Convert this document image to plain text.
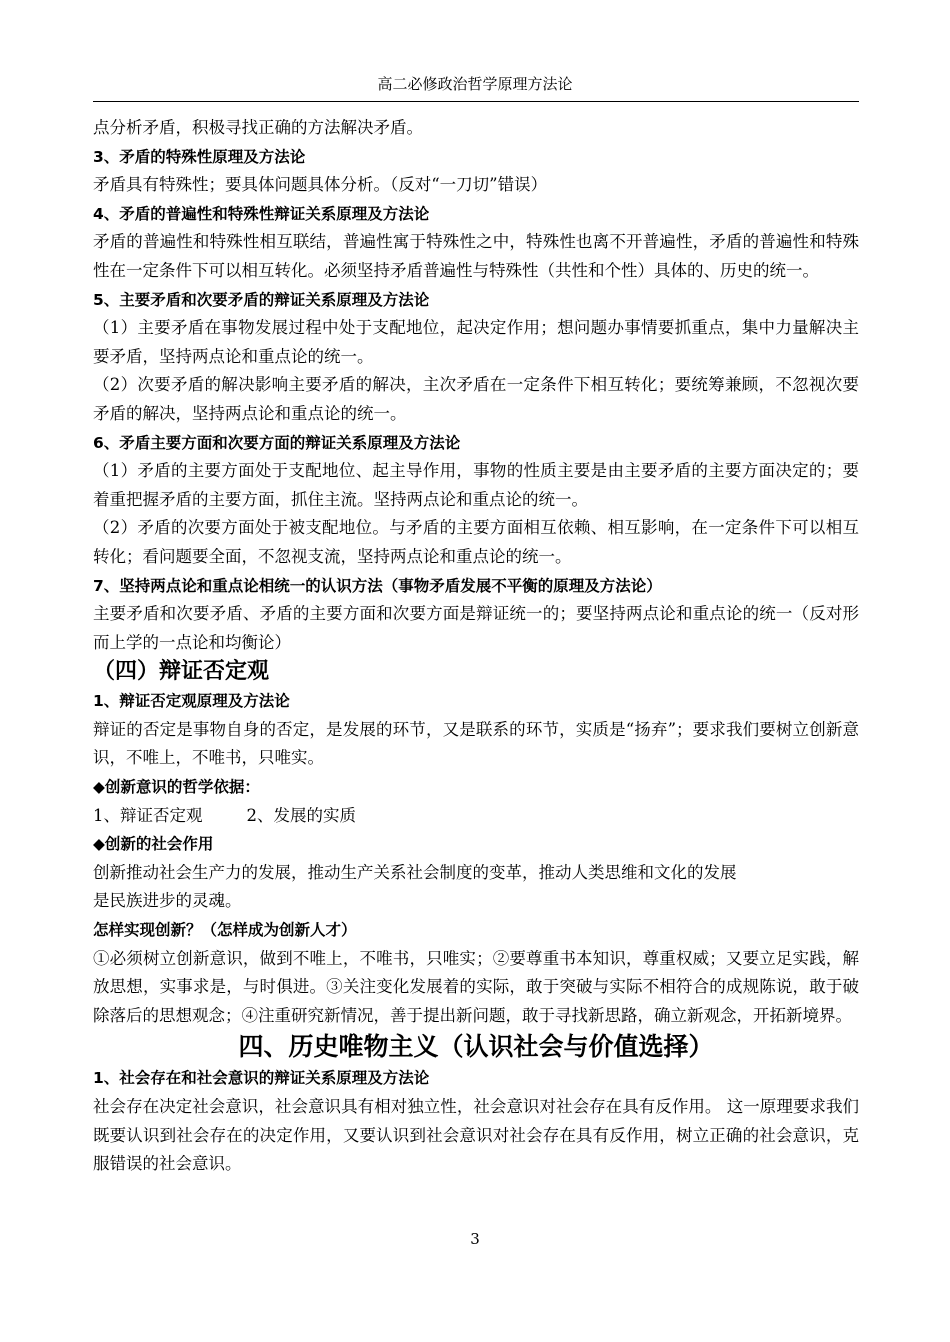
高二必修政治哲学原理方法论
点分析矛盾，积极寻找正确的方法解决矛盾。
3、矛盾的特殊性原理及方法论
矛盾具有特殊性；要具体问题具体分析。（反对“一刀切”错误）
4、矛盾的普遍性和特殊性辩证关系原理及方法论
矛盾的普遍性和特殊性相互联结，普遍性寓于特殊性之中，特殊性也离不开普遍性，矛盾的普遍性和特殊性在一定条件下可以相互转化。必须坚持矛盾普遍性与特殊性（共性和个性）具体的、历史的统一。
5、主要矛盾和次要矛盾的辩证关系原理及方法论
（1）主要矛盾在事物发展过程中处于支配地位，起决定作用；想问题办事情要抓重点，集中力量解决主要矛盾，坚持两点论和重点论的统一。
（2）次要矛盾的解决影响主要矛盾的解决，主次矛盾在一定条件下相互转化；要统筹兼顾，不忽视次要矛盾的解决，坚持两点论和重点论的统一。
6、矛盾主要方面和次要方面的辩证关系原理及方法论
（1）矛盾的主要方面处于支配地位、起主导作用，事物的性质主要是由主要矛盾的主要方面决定的；要着重把握矛盾的主要方面，抓住主流。坚持两点论和重点论的统一。
（2）矛盾的次要方面处于被支配地位。与矛盾的主要方面相互依赖、相互影响，在一定条件下可以相互转化；看问题要全面，不忽视支流，坚持两点论和重点论的统一。
7、坚持两点论和重点论相统一的认识方法（事物矛盾发展不平衡的原理及方法论）
主要矛盾和次要矛盾、矛盾的主要方面和次要方面是辩证统一的；要坚持两点论和重点论的统一（反对形而上学的一点论和均衡论）
（四）辩证否定观
1、辩证否定观原理及方法论
辩证的否定是事物自身的否定，是发展的环节，又是联系的环节，实质是“扬弃”；要求我们要树立创新意识，不唯上，不唯书，只唯实。
◆创新意识的哲学依据：
1、辩证否定观	2、发展的实质
◆创新的社会作用
创新推动社会生产力的发展，推动生产关系社会制度的变革，推动人类思维和文化的发展
是民族进步的灵魂。
怎样实现创新？（怎样成为创新人才）
①必须树立创新意识，做到不唯上，不唯书，只唯实；②要尊重书本知识，尊重权威；又要立足实践，解放思想，实事求是，与时俱进。③关注变化发展着的实际，敢于突破与实际不相符合的成规陈说，敢于破除落后的思想观念；④注重研究新情况，善于提出新问题，敢于寻找新思路，确立新观念，开拓新境界。
四、历史唯物主义（认识社会与价值选择）
1、社会存在和社会意识的辩证关系原理及方法论
社会存在决定社会意识，社会意识具有相对独立性，社会意识对社会存在具有反作用。 这一原理要求我们既要认识到社会存在的决定作用，又要认识到社会意识对社会存在具有反作用，树立正确的社会意识，克服错误的社会意识。
3
